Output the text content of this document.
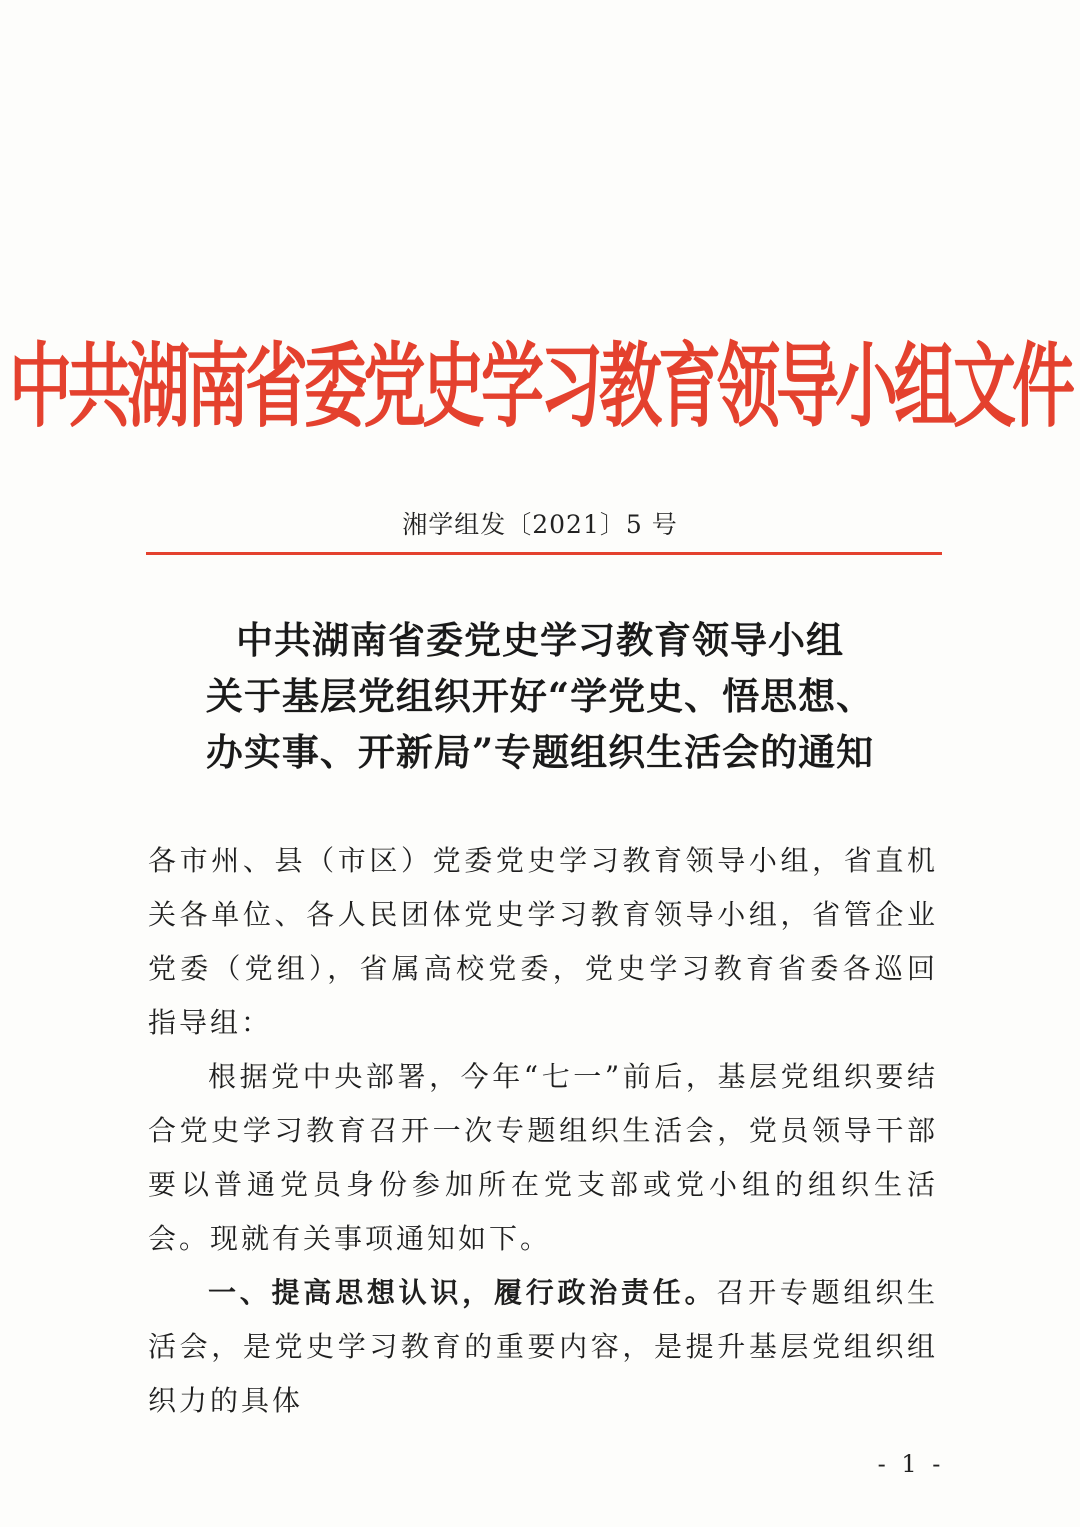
中共湖南省委党史学习教育领导小组文件
湘学组发〔2021〕5 号
中共湖南省委党史学习教育领导小组
关于基层党组织开好“学党史、悟思想、
办实事、开新局”专题组织生活会的通知

各市州、县（市区）党委党史学习教育领导小组，省直机关各单位、各人民团体党史学习教育领导小组，省管企业党委（党组），省属高校党委，党史学习教育省委各巡回指导组：

根据党中央部署，今年“七一”前后，基层党组织要结合党史学习教育召开一次专题组织生活会，党员领导干部要以普通党员身份参加所在党支部或党小组的组织生活会。现就有关事项通知如下。

一、提高思想认识，履行政治责任。召开专题组织生活会，是党史学习教育的重要内容，是提升基层党组织组织力的具体

- 1 -
